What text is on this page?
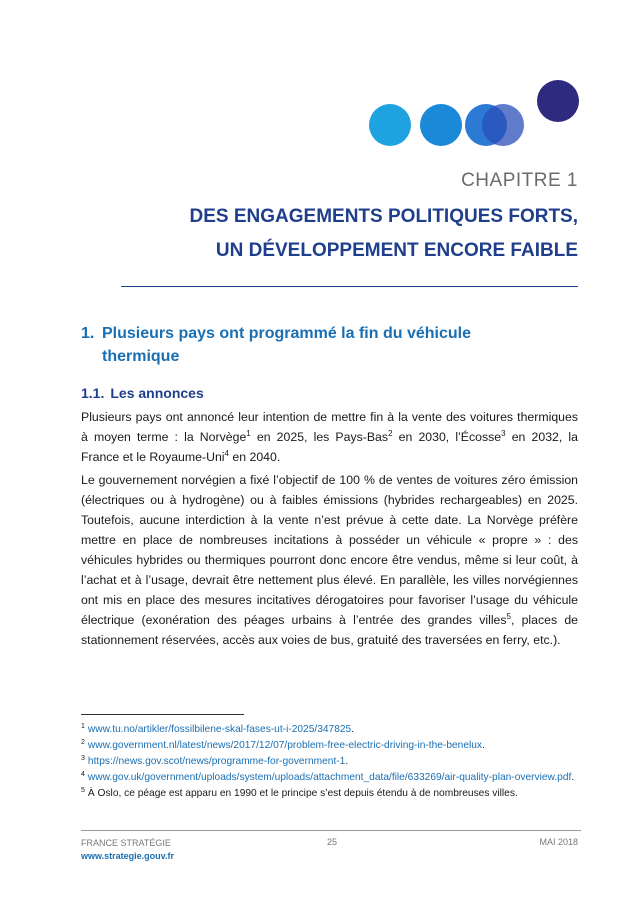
CHAPITRE 1
DES ENGAGEMENTS POLITIQUES FORTS,
UN DÉVELOPPEMENT ENCORE FAIBLE
1. Plusieurs pays ont programmé la fin du véhicule thermique
1.1. Les annonces
Plusieurs pays ont annoncé leur intention de mettre fin à la vente des voitures thermiques à moyen terme : la Norvège$^1$ en 2025, les Pays-Bas$^2$ en 2030, l’Écosse$^3$ en 2032, la France et le Royaume-Uni$^4$ en 2040.
Le gouvernement norvégien a fixé l’objectif de 100 % de ventes de voitures zéro émission (électriques ou à hydrogène) ou à faibles émissions (hybrides rechargeables) en 2025. Toutefois, aucune interdiction à la vente n’est prévue à cette date. La Norvège préfère mettre en place de nombreuses incitations à posséder un véhicule « propre » : des véhicules hybrides ou thermiques pourront donc encore être vendus, même si leur coût, à l’achat et à l’usage, devrait être nettement plus élevé. En parallèle, les villes norvégiennes ont mis en place des mesures incitatives dérogatoires pour favoriser l’usage du véhicule électrique (exonération des péages urbains à l’entrée des grandes villes$^5$, places de stationnement réservées, accès aux voies de bus, gratuité des traversées en ferry, etc.).

$^1$ www.tu.no/artikler/fossilbilene-skal-fases-ut-i-2025/347825.

$^2$ www.government.nl/latest/news/2017/12/07/problem-free-electric-driving-in-the-benelux.

$^3$ https://news.gov.scot/news/programme-for-government-1.

$^4$ www.gov.uk/government/uploads/system/uploads/attachment_data/file/633269/air-quality-plan-overview.pdf.

$^5$ À Oslo, ce péage est apparu en 1990 et le principe s’est depuis étendu à de nombreuses villes.

FRANCE STRATÉGIE
www.strategie.gouv.fr
25	MAI 2018
